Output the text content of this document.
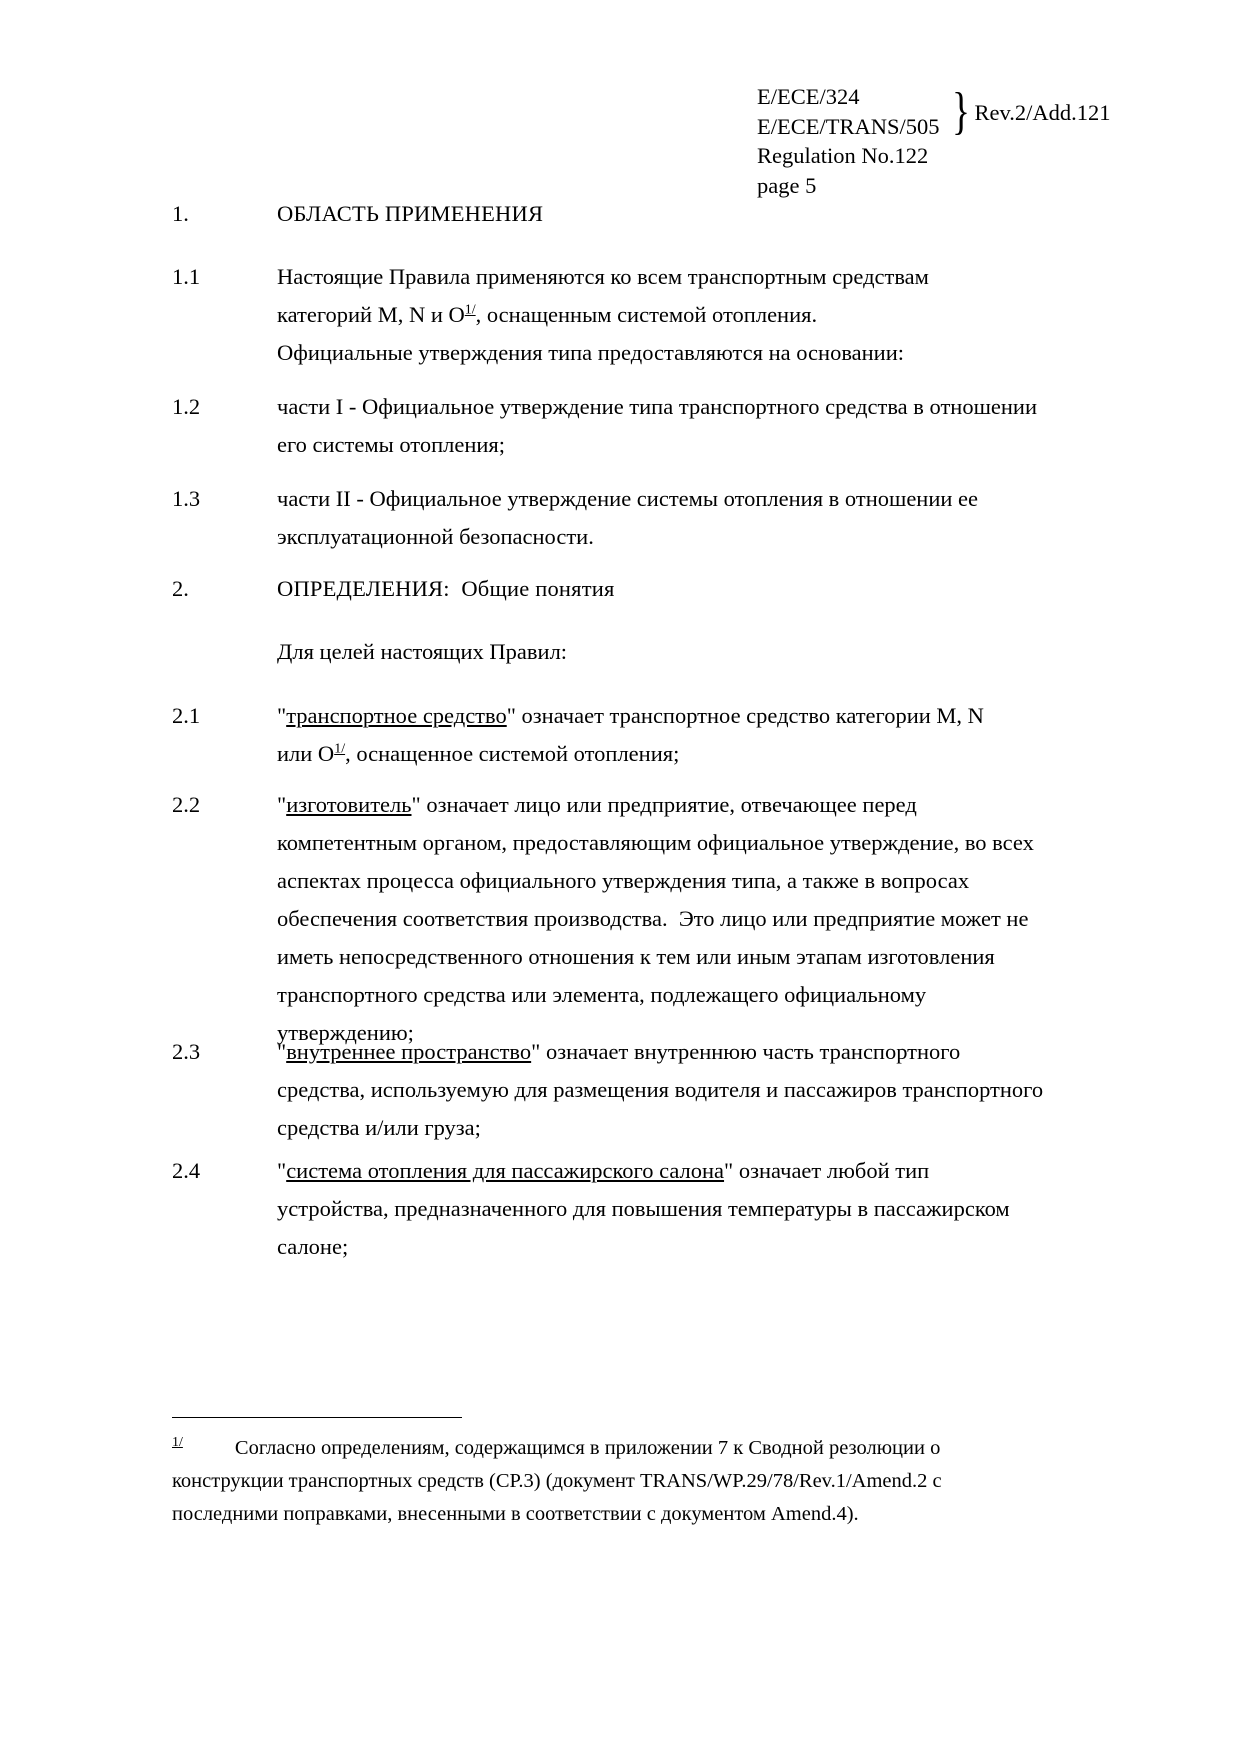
E/ECE/324
E/ECE/TRANS/505
Regulation No.122
page 5
} Rev.2/Add.121
1.	ОБЛАСТЬ ПРИМЕНЕНИЯ

1.1	Настоящие Правила применяются ко всем транспортным средствам

категорий M, N и O$^{1/}$, оснащенным системой отопления.

Официальные утверждения типа предоставляются на основании:

1.2	части I - Официальное утверждение типа транспортного средства в отношении

его системы отопления;

1.3	части II - Официальное утверждение системы отопления в отношении ее

эксплуатационной безопасности.

2.	ОПРЕДЕЛЕНИЯ:  Общие понятия

Для целей настоящих Правил:

2.1	"транспортное средство" означает транспортное средство категории M, N

или O$^{1/}$, оснащенное системой отопления;

2.2	"изготовитель" означает лицо или предприятие, отвечающее перед

компетентным органом, предоставляющим официальное утверждение, во всех

аспектах процесса официального утверждения типа, а также в вопросах

обеспечения соответствия производства.  Это лицо или предприятие может не

иметь непосредственного отношения к тем или иным этапам изготовления

транспортного средства или элемента, подлежащего официальному

утверждению;

2.3	"внутреннее пространство" означает внутреннюю часть транспортного

средства, используемую для размещения водителя и пассажиров транспортного

средства и/или груза;

2.4	"система отопления для пассажирского салона" означает любой тип

устройства, предназначенного для повышения температуры в пассажирском

салоне;

$^{1/}$	Согласно определениям, содержащимся в приложении 7 к Сводной резолюции о

конструкции транспортных средств (СР.3) (документ TRANS/WP.29/78/Rev.1/Amend.2 с

последними поправками, внесенными в соответствии с документом Amend.4).
